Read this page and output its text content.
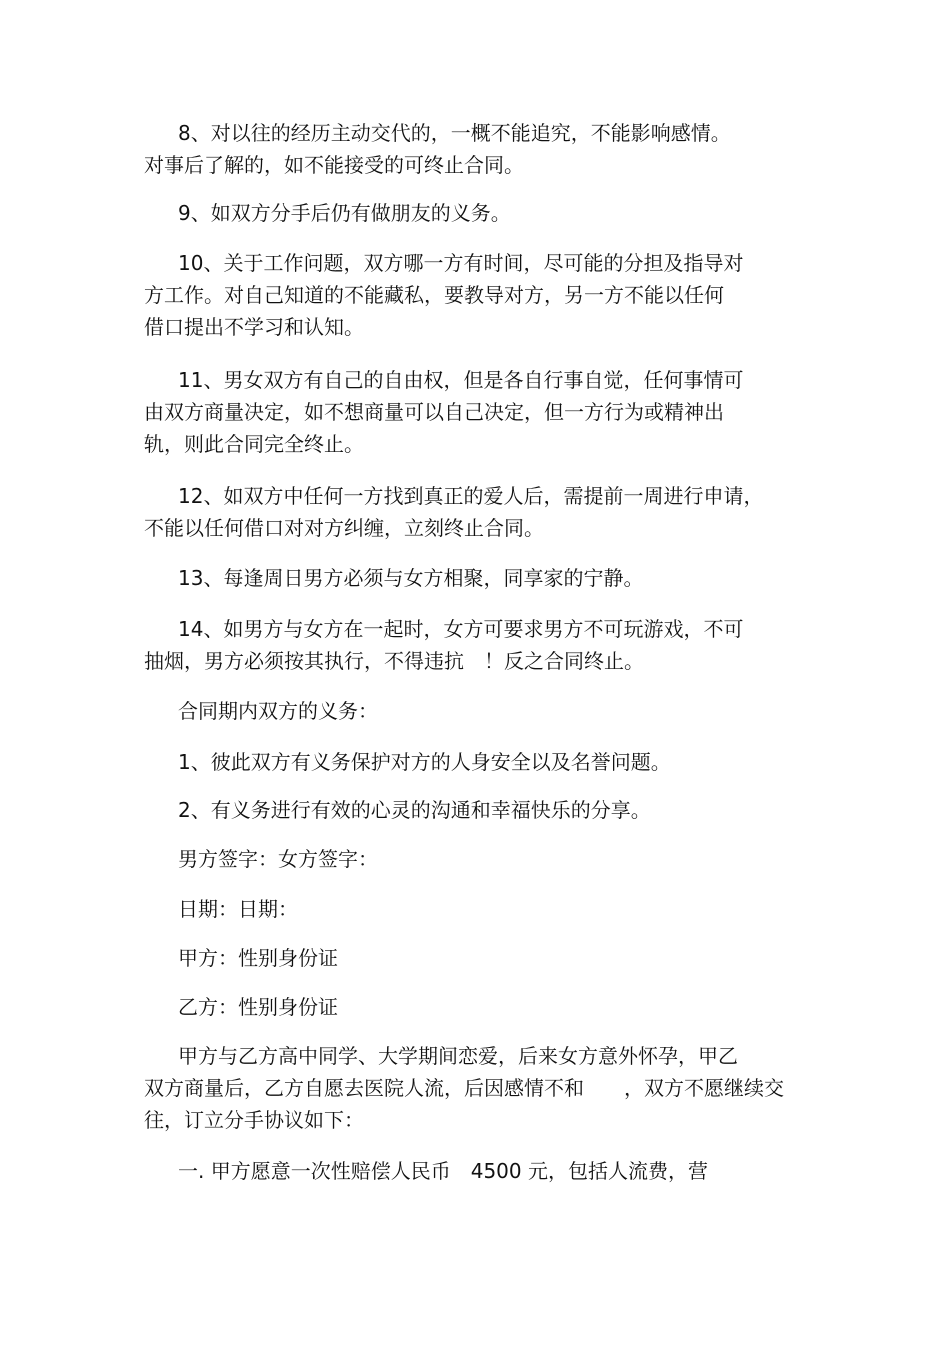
8、对以往的经历主动交代的，一概不能追究，不能影响感情。
对事后了解的，如不能接受的可终止合同。

9、如双方分手后仍有做朋友的义务。

10、关于工作问题，双方哪一方有时间，尽可能的分担及指导对
方工作。对自己知道的不能藏私，要教导对方，另一方不能以任何
借口提出不学习和认知。

11、男女双方有自己的自由权，但是各自行事自觉，任何事情可
由双方商量决定，如不想商量可以自己决定，但一方行为或精神出
轨，则此合同完全终止。

12、如双方中任何一方找到真正的爱人后，需提前一周进行申请，
不能以任何借口对对方纠缠，立刻终止合同。

13、每逢周日男方必须与女方相聚，同享家的宁静。

14、如男方与女方在一起时，女方可要求男方不可玩游戏，不可
抽烟，男方必须按其执行，不得违抗　！反之合同终止。

合同期内双方的义务：

1、彼此双方有义务保护对方的人身安全以及名誉问题。

2、有义务进行有效的心灵的沟通和幸福快乐的分享。

男方签字：女方签字：

日期：日期：

甲方：性别身份证

乙方：性别身份证

甲方与乙方高中同学、大学期间恋爱，后来女方意外怀孕，甲乙
双方商量后，乙方自愿去医院人流，后因感情不和　　，双方不愿继续交
往，订立分手协议如下：

一. 甲方愿意一次性赔偿人民币　4500 元，包括人流费，营
